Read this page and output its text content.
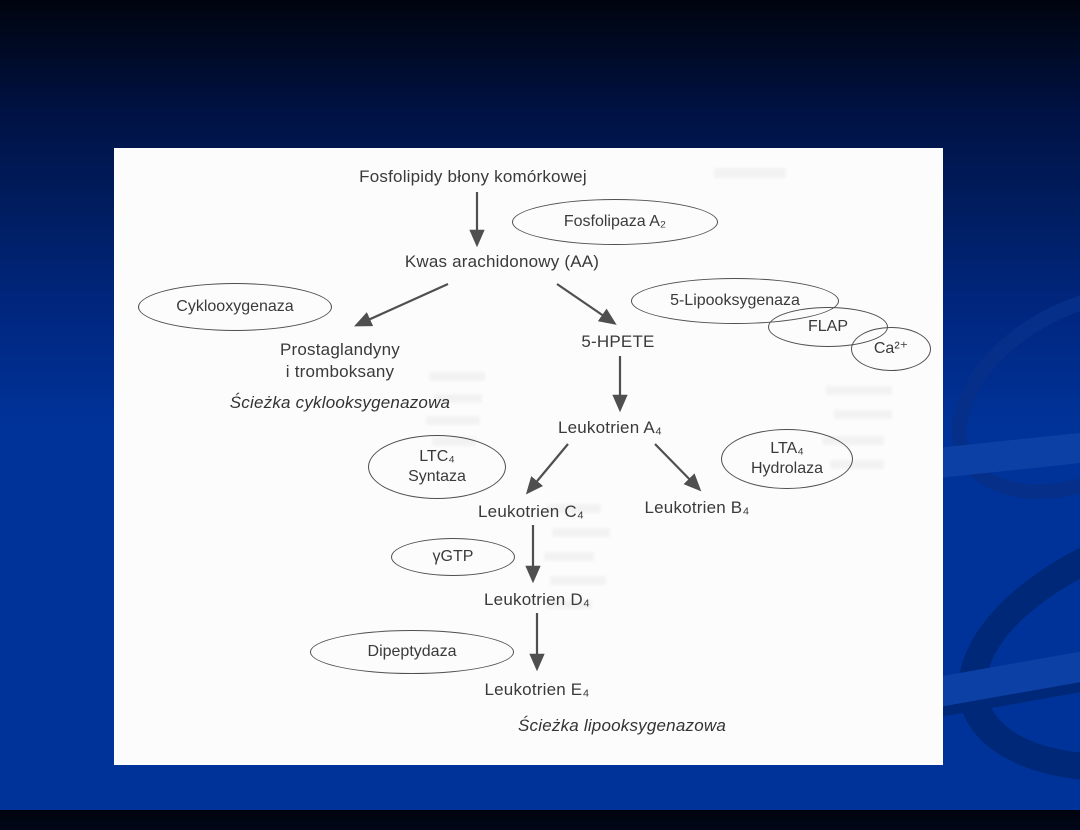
Fosfolipidy błony komórkowej
Kwas arachidonowy (AA)
Prostaglandyny
i tromboksany
5-HPETE
Leukotrien A₄
Leukotrien C₄	Leukotrien B₄
Leukotrien D₄
Leukotrien E₄
Ścieżka cyklooksygenazowa
Ścieżka lipooksygenazowa
Fosfolipaza A₂
Cyklooxygenaza	5-Lipooksygenaza
FLAP
Ca²⁺
LTC₄
Syntaza
LTA₄
Hydrolaza
γGTP
Dipeptydaza
